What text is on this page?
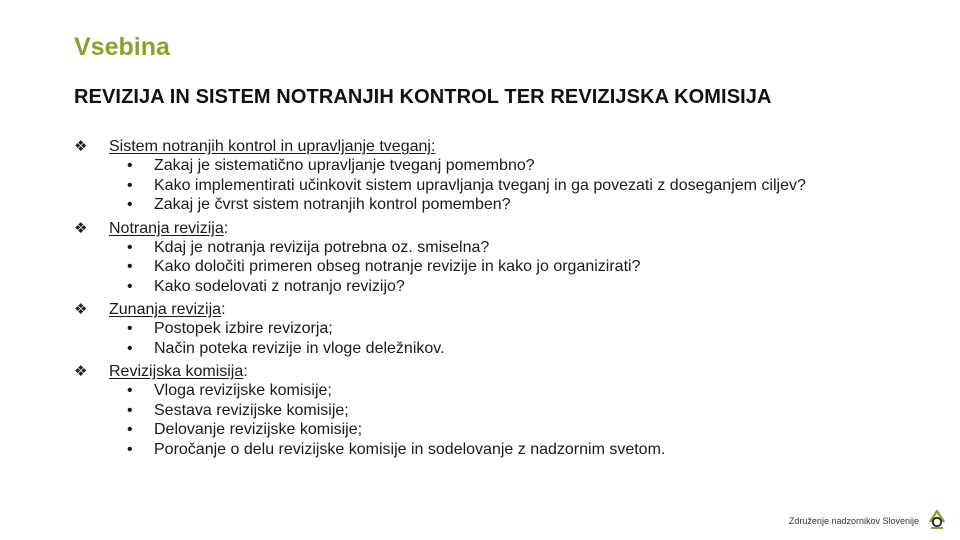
Vsebina
REVIZIJA IN SISTEM NOTRANJIH KONTROL TER REVIZIJSKA KOMISIJA
❖ Sistem notranjih kontrol in upravljanje tveganj:
• Zakaj je sistematično upravljanje tveganj pomembno?
• Kako implementirati učinkovit sistem upravljanja tveganj in ga povezati z doseganjem ciljev?
• Zakaj je čvrst sistem notranjih kontrol pomemben?
❖ Notranja revizija:
• Kdaj je notranja revizija potrebna oz. smiselna?
• Kako določiti primeren obseg notranje revizije in kako jo organizirati?
• Kako sodelovati z notranjo revizijo?
❖ Zunanja revizija:
• Postopek izbire revizorja;
• Način poteka revizije in vloge deležnikov.
❖ Revizijska komisija:
• Vloga revizijske komisije;
• Sestava revizijske komisije;
• Delovanje revizijske komisije;
• Poročanje o delu revizijske komisije in sodelovanje z nadzornim svetom.
Združenje nadzornikov Slovenije
